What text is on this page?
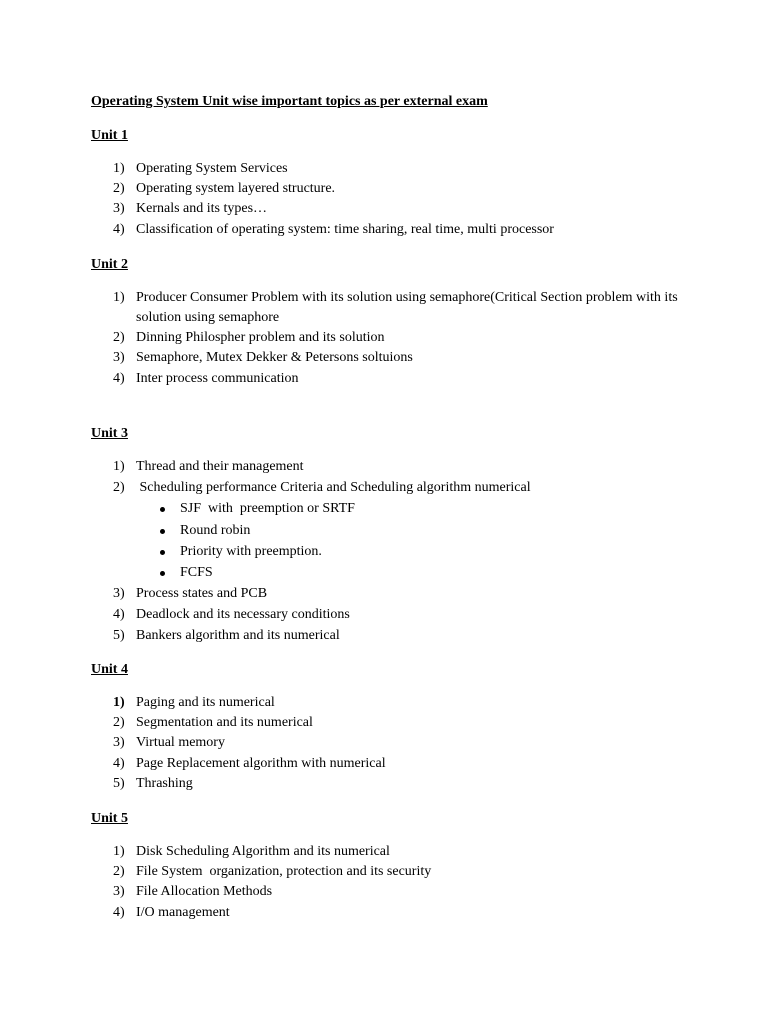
Operating System Unit wise important topics as per external exam
Unit 1
1) Operating System Services
2) Operating system layered structure.
3) Kernals and its types…
4) Classification of operating system: time sharing, real time, multi processor
Unit 2
1) Producer Consumer Problem with its solution using semaphore(Critical Section problem with its solution using semaphore
2) Dinning Philospher problem and its solution
3) Semaphore, Mutex Dekker & Petersons soltuions
4) Inter process communication
Unit 3
1) Thread and their management
2) Scheduling performance Criteria and Scheduling algorithm numerical
SJF  with  preemption or SRTF
Round robin
Priority with preemption.
FCFS
3) Process states and PCB
4) Deadlock and its necessary conditions
5) Bankers algorithm and its numerical
Unit 4
1) Paging and its numerical
2) Segmentation and its numerical
3) Virtual memory
4) Page Replacement algorithm with numerical
5) Thrashing
Unit 5
1) Disk Scheduling Algorithm and its numerical
2) File System  organization, protection and its security
3) File Allocation Methods
4) I/O management
